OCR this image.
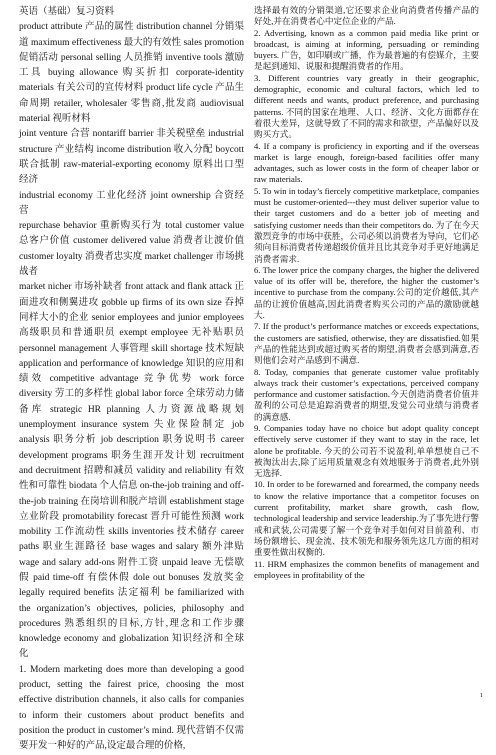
英语（基础）复习资料

product attribute 产品的属性 distribution channel 分销渠道 maximum effectiveness 最大的有效性 sales promotion 促销活动 personal selling 人员推销 inventive tools 激励工具 buying allowance 购买折扣 corporate-identity materials 有关公司的宣传材料 product life cycle 产品生命周期 retailer, wholesaler 零售商,批发商 audiovisual material 视听材料

joint venture 合营 nontariff barrier 非关税壁垒 industrial structure 产业结构 income distribution 收入分配 boycott 联合抵制 raw-material-exporting economy 原料出口型经济

industrial economy 工业化经济 joint ownership 合资经营

repurchase behavior 重新购买行为 total customer value 总客户价值 customer delivered value 消费者让渡价值 customer loyalty 消费者忠实度 market challenger 市场挑战者

market nicher 市场补缺者 front attack and flank attack 正面进攻和侧翼进攻 gobble up firms of its own size 吞掉同样大小的企业 senior employees and junior employees 高级职员和普通职员 exempt employee 无补贴职员 personnel management 人事管理 skill shortage 技术短缺 application and performance of knowledge 知识的应用和绩效 competitive advantage 竞争优势 work force diversity 劳工的多样性 global labor force 全球劳动力储备库 strategic HR planning 人力资源战略规划 unemployment insurance system 失业保险制定 job analysis 职务分析 job description 职务说明书 career development programs 职务生涯开发计划 recruitment and decruitment 招聘和减员 validity and reliability 有效性和可靠性 biodata 个人信息 on-the-job training and off-the-job training 在岗培训和脱产培训 establishment stage 立业阶段 promotability forecast 晋升可能性预测 work mobility 工作流动性 skills inventories 技术储存 career paths 职业生涯路径 base wages and salary 额外津贴 wage and salary add-ons 附件工资 unpaid leave 无偿歇假 paid time-off 有偿休假 dole out bonuses 发放奖金 legally required benefits 法定福利 be familiarized with the organization’s objectives, policies, philosophy and procedures 熟悉组织的目标,方针,理念和工作步骤 knowledge economy and globalization 知识经济和全球化

1. Modern marketing does more than developing a good product, setting the fairest price, choosing the most effective distribution channels, it also calls for companies to inform their customers about product benefits and position the product in customer’s mind. 现代营销不仅需要开发一种好的产品,设定最合理的价格,

选择最有效的分销渠道,它还要求企业向消费者传播产品的好处,并在消费者心中定位企业的产品.

2. Advertising, known as a common paid media like print or broadcast, is aiming at informing, persuading or reminding buyers. 广告，如印刷或广播，作为最普遍的有偿媒介，主要是起到通知、说服和提醒消费者的作用。

3. Different countries vary greatly in their geographic, demographic, economic and cultural factors, which led to different needs and wants, product preference, and purchasing patterns. 不同的国家在地理、人口、经济、文化方面都存在着很大差异，这就导致了不同的需求和欲望，产品偏好以及购买方式。

4. If a company is proficiency in exporting and if the overseas market is large enough, foreign-based facilities offer many advantages, such as lower costs in the form of cheaper labor or raw materials.

5. To win in today’s fiercely competitive marketplace, companies must be customer-oriented---they must deliver superior value to their target customers and do a better job of meeting and satisfying customer needs than their competitors do. 为了在今天激烈竞争的市场中获胜，公司必须以消费者为导向，它们必须向目标消费者传递超级价值并且比其竞争对手更好地满足消费者需求.

6. The lower price the company charges, the higher the delivered value of its offer will be, therefore, the higher the customer’s incentive to purchase from the company.公司的定价越低,其产品的让渡价值越高,因此消费者购买公司的产品的激励就越大.

7. If the product’s performance matches or exceeds expectations, the customers are satisfied, otherwise, they are dissatisfied.如果产品的性能达到或超过购买者的期望,消费者会感到满意,否则他们会对产品感到不满意.

8. Today, companies that generate customer value profitably always track their customer’s expectations, perceived company performance and customer satisfaction.今天创造消费者价值并盈利的公司总是追踪消费者的期望,发觉公司业绩与消费者的满意感.

9. Companies today have no choice but adopt quality concept effectively serve customer if they want to stay in the race, let alone be profitable. 今天的公司若不说盈利,单单想使自己不被淘汰出去,除了运用质量观念有效地服务于消费者,此外别无选择.

10. In order to be forewarned and forearmed, the company needs to know the relative importance that a competitor focuses on current profitability, market share growth, cash flow, technological leadership and service leadership.为了事先进行警戒和武装,公司需要了解一个竞争对手如何对目前盈利、市场份额增长、现金流、技术领先和服务领先这几方面的相对重要性做出权衡的.

11. HRM emphasizes the common benefits of management and employees in profitability of the

1
